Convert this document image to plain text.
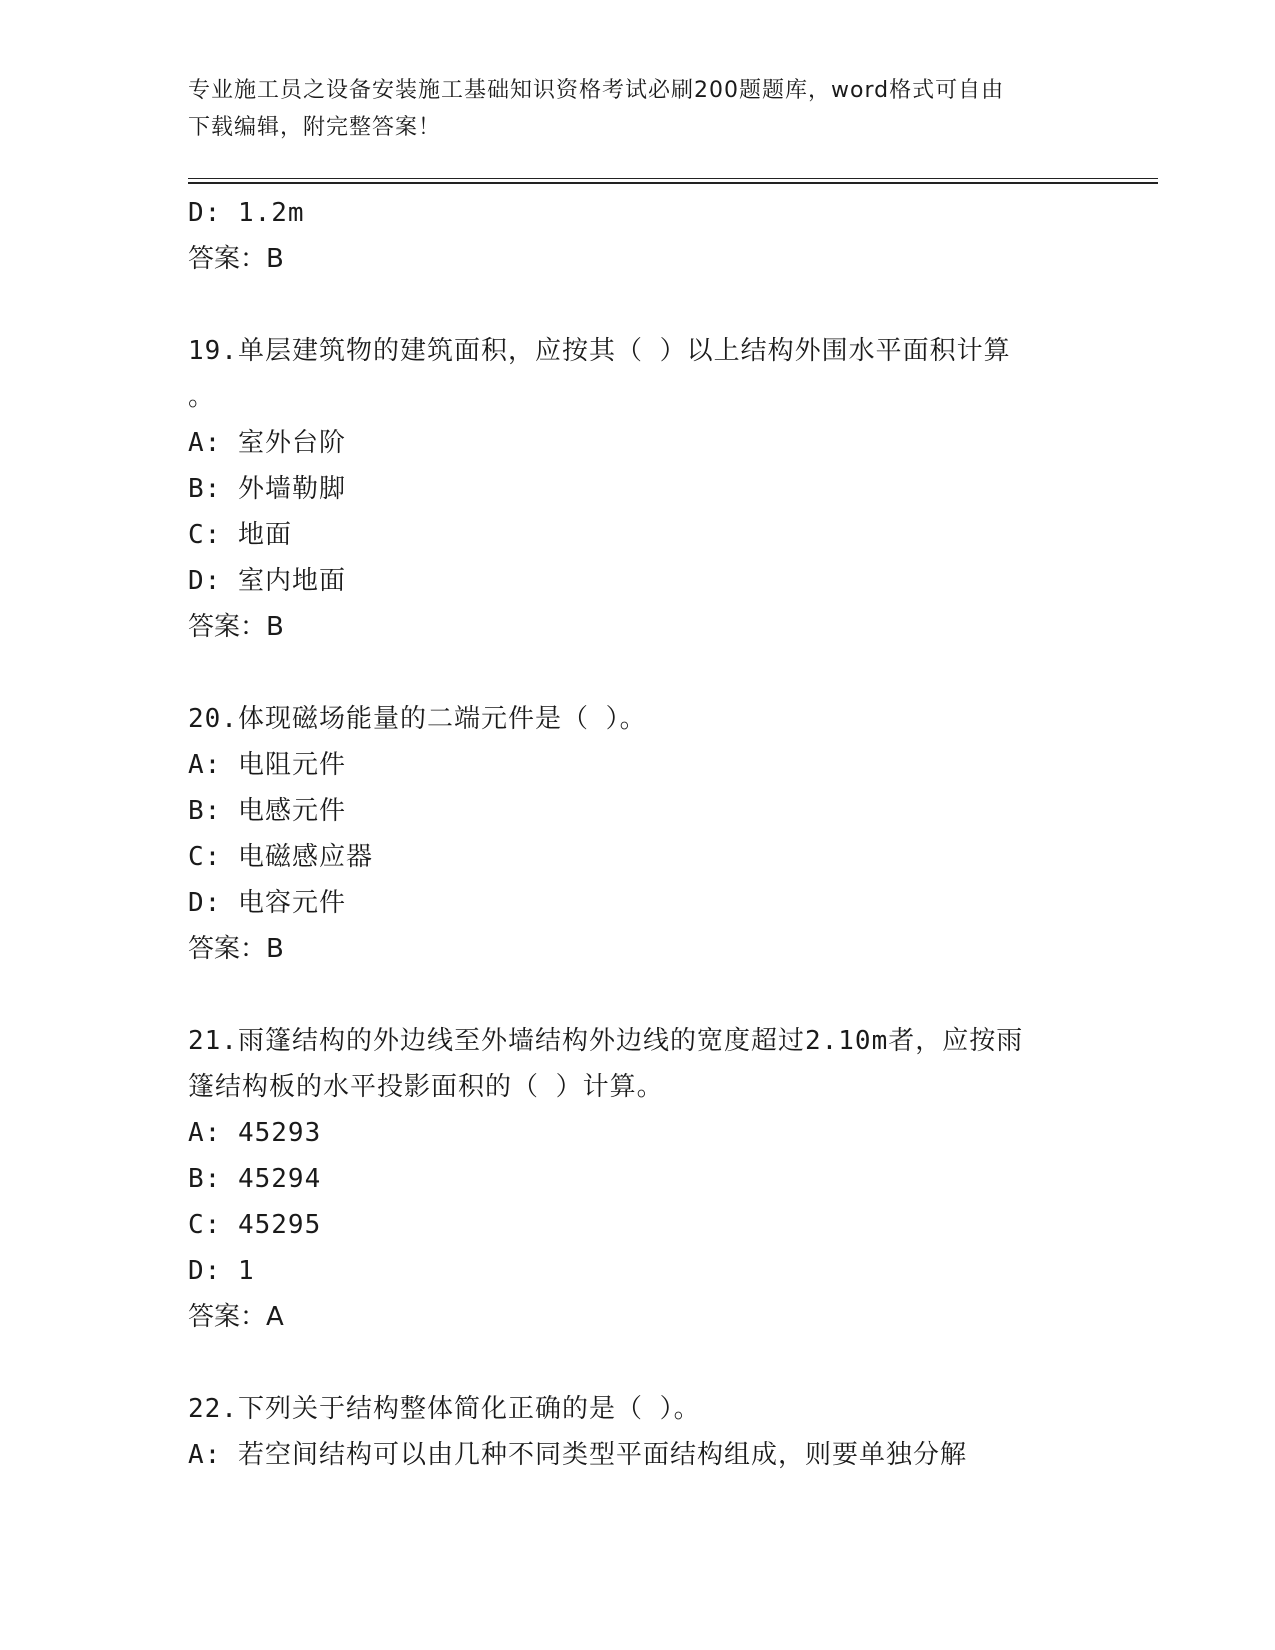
专业施工员之设备安装施工基础知识资格考试必刷200题题库，word格式可自由
下载编辑，附完整答案！
D: 1.2m
答案：B
19.单层建筑物的建筑面积，应按其（ ）以上结构外围水平面积计算
。
A: 室外台阶
B: 外墙勒脚
C: 地面
D: 室内地面
答案：B
20.体现磁场能量的二端元件是（ ）。
A: 电阻元件
B: 电感元件
C: 电磁感应器
D: 电容元件
答案：B
21.雨篷结构的外边线至外墙结构外边线的宽度超过2.10m者，应按雨
篷结构板的水平投影面积的（ ）计算。
A: 45293
B: 45294
C: 45295
D: 1
答案：A
22.下列关于结构整体简化正确的是（ ）。
A: 若空间结构可以由几种不同类型平面结构组成，则要单独分解
